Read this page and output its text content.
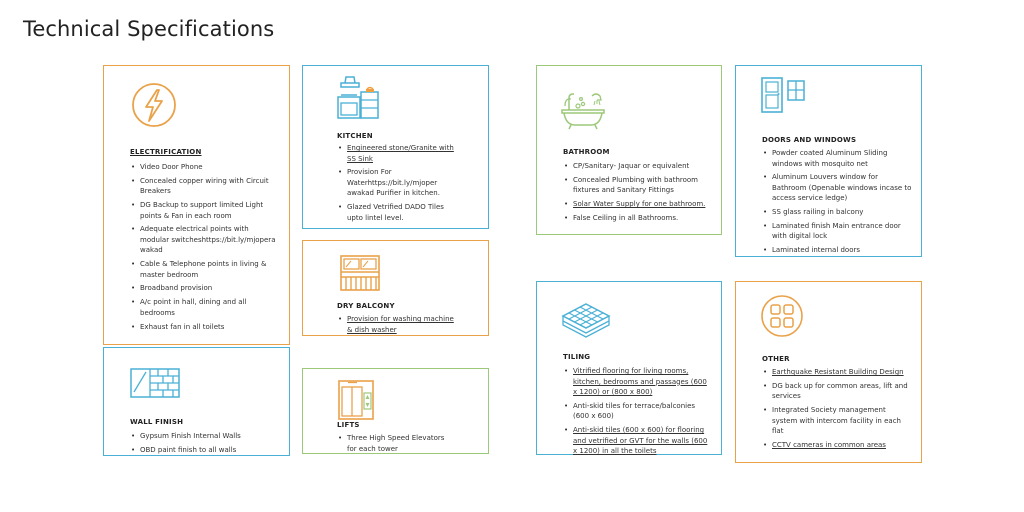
Technical Specifications
ELECTRIFICATION
• Video Door Phone
• Concealed copper wiring with Circuit Breakers
• DG Backup to support limited Light points & Fan in each room
• Adequate electrical points with modular switcheshttps://bit.ly/mjopera wakad
• Cable & Telephone points in living & master bedroom
• Broadband provision
• A/c point in hall, dining and all bedrooms
• Exhaust fan in all toilets
WALL FINISH
• Gypsum Finish Internal Walls
• OBD paint finish to all walls
KITCHEN
• Engineered stone/Granite with SS Sink
• Provision For Waterhttps://bit.ly/mjoper awakad Purifier in kitchen.
• Glazed Vetrified DADO Tiles upto lintel level.
DRY BALCONY
• Provision for washing machine & dish washer
LIFTS
• Three High Speed Elevators for each tower
BATHROOM
• CP/Sanitary- Jaquar or equivalent
• Concealed Plumbing with bathroom fixtures and Sanitary Fittings
• Solar Water Supply for one bathroom.
• False Ceiling in all Bathrooms.
TILING
• Vitrified flooring for living rooms, kitchen, bedrooms and passages (600 x 1200) or (800 x 800)
• Anti-skid tiles for terrace/balconies (600 x 600)
• Anti-skid tiles (600 x 600) for flooring and vetrified or GVT for the walls (600 x 1200) in all the toilets
DOORS AND WINDOWS
• Powder coated Aluminum Sliding windows with mosquito net
• Aluminum Louvers window for Bathroom (Openable windows incase to access service ledge)
• SS glass railing in balcony
• Laminated finish Main entrance door with digital lock
• Laminated internal doors
OTHER
• Earthquake Resistant Building Design
• DG back up for common areas, lift and services
• Integrated Society management system with intercom facility in each flat
• CCTV cameras in common areas
